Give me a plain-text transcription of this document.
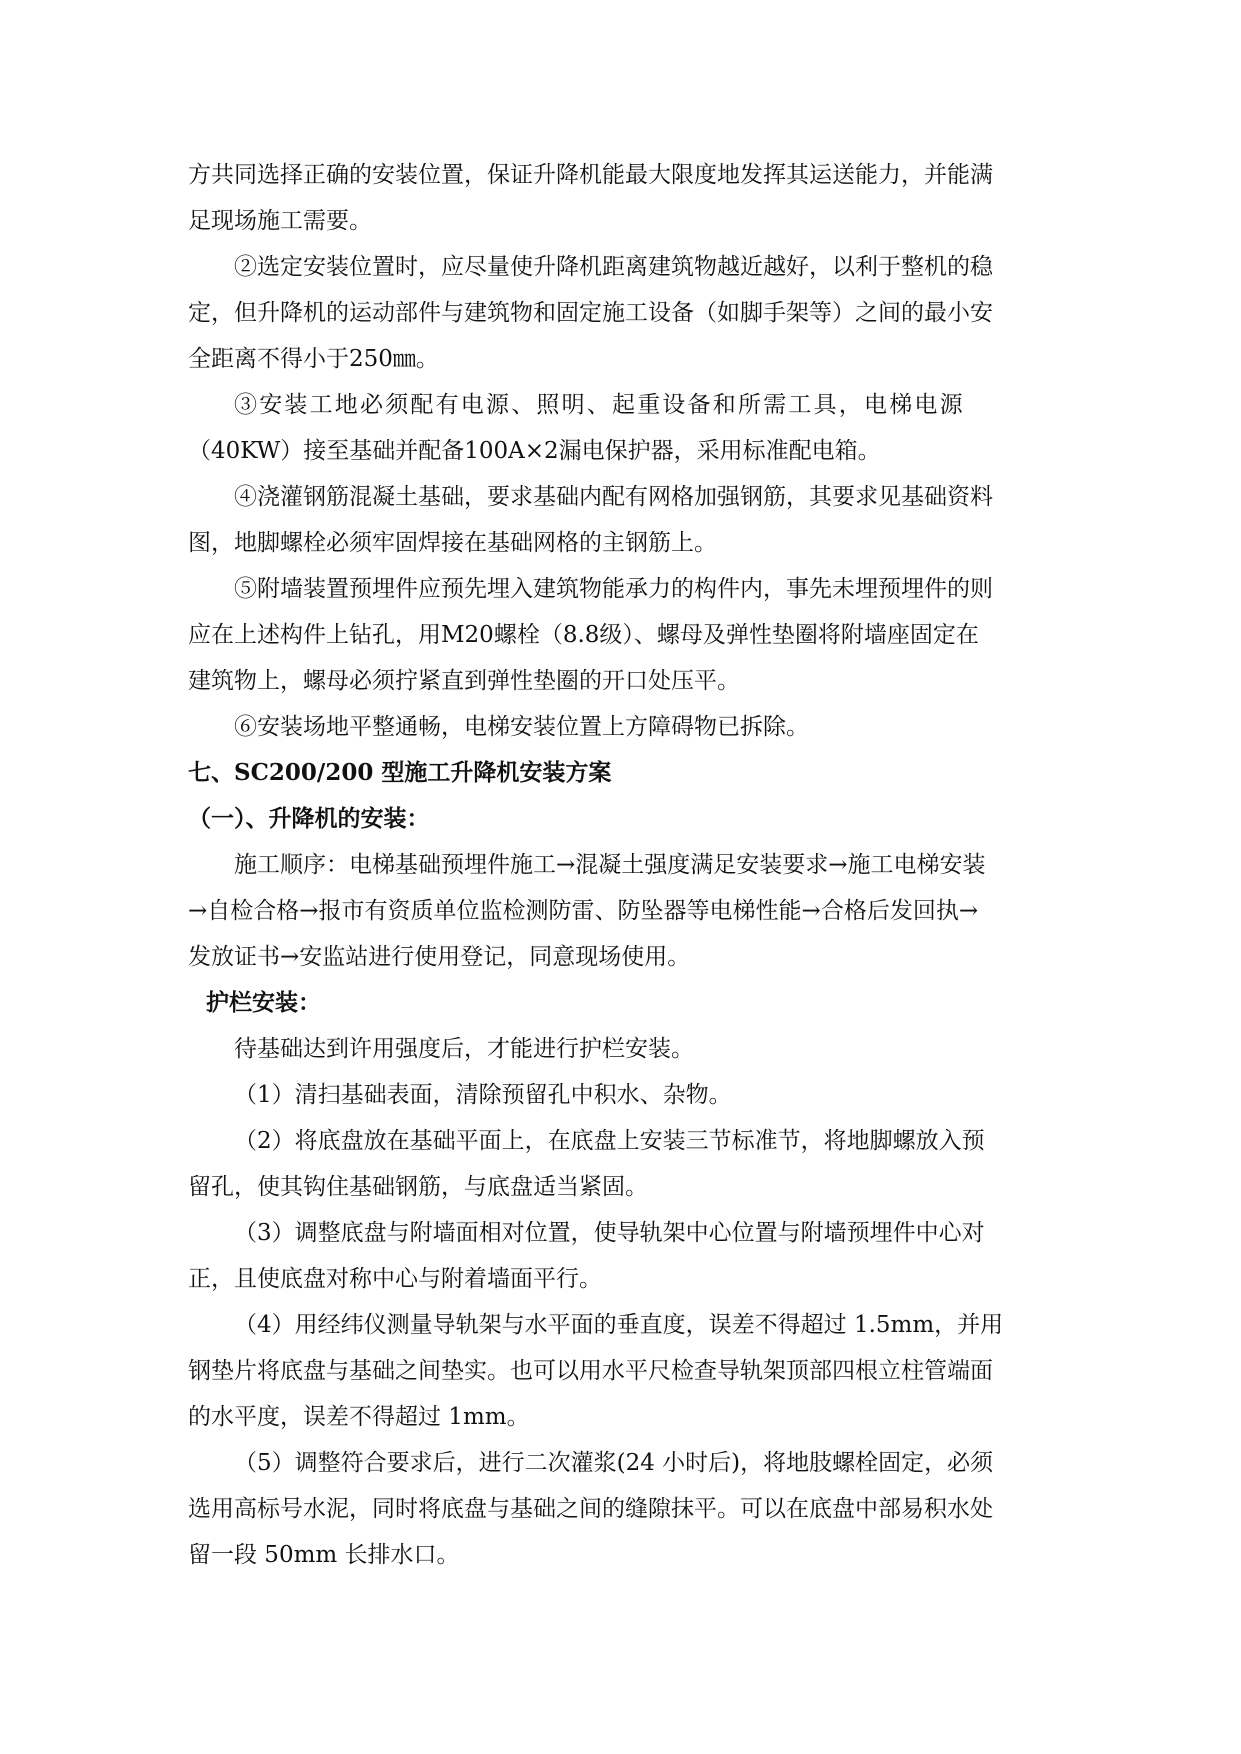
方共同选择正确的安装位置，保证升降机能最大限度地发挥其运送能力，并能满
足现场施工需要。
②选定安装位置时，应尽量使升降机距离建筑物越近越好，以利于整机的稳
定，但升降机的运动部件与建筑物和固定施工设备（如脚手架等）之间的最小安
全距离不得小于250㎜。
③安装工地必须配有电源、照明、起重设备和所需工具，电梯电源
（40KW）接至基础并配备100A×2漏电保护器，采用标准配电箱。
④浇灌钢筋混凝土基础，要求基础内配有网格加强钢筋，其要求见基础资料
图，地脚螺栓必须牢固焊接在基础网格的主钢筋上。
⑤附墙装置预埋件应预先埋入建筑物能承力的构件内，事先未埋预埋件的则
应在上述构件上钻孔，用M20螺栓（8.8级）、螺母及弹性垫圈将附墙座固定在
建筑物上，螺母必须拧紧直到弹性垫圈的开口处压平。
⑥安装场地平整通畅，电梯安装位置上方障碍物已拆除。
七、SC200/200 型施工升降机安装方案
（一）、升降机的安装：
施工顺序：电梯基础预埋件施工→混凝土强度满足安装要求→施工电梯安装
→自检合格→报市有资质单位监检测防雷、防坠器等电梯性能→合格后发回执→
发放证书→安监站进行使用登记，同意现场使用。
护栏安装：
待基础达到许用强度后，才能进行护栏安装。
（1）清扫基础表面，清除预留孔中积水、杂物。
（2）将底盘放在基础平面上，在底盘上安装三节标准节，将地脚螺放入预
留孔，使其钩住基础钢筋，与底盘适当紧固。
（3）调整底盘与附墙面相对位置，使导轨架中心位置与附墙预埋件中心对
正，且使底盘对称中心与附着墙面平行。
（4）用经纬仪测量导轨架与水平面的垂直度，误差不得超过 1.5mm，并用
钢垫片将底盘与基础之间垫实。也可以用水平尺检查导轨架顶部四根立柱管端面
的水平度，误差不得超过 1mm。
（5）调整符合要求后，进行二次灌浆(24 小时后)，将地肢螺栓固定，必须
选用高标号水泥，同时将底盘与基础之间的缝隙抹平。可以在底盘中部易积水处
留一段 50mm 长排水口。
